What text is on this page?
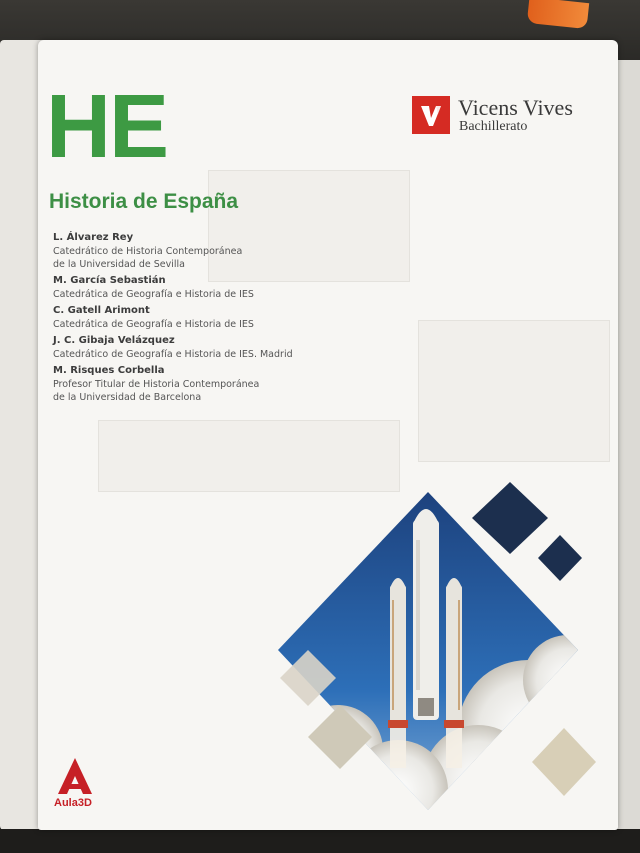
HE
Historia de España
L. Álvarez Rey
Catedrático de Historia Contemporánea
de la Universidad de Sevilla
M. García Sebastián
Catedrática de Geografía e Historia de IES
C. Gatell Arimont
Catedrática de Geografía e Historia de IES
J. C. Gibaja Velázquez
Catedrático de Geografía e Historia de IES. Madrid
M. Risques Corbella
Profesor Titular de Historia Contemporánea
de la Universidad de Barcelona
Vicens Vives
Bachillerato
Aula3D
